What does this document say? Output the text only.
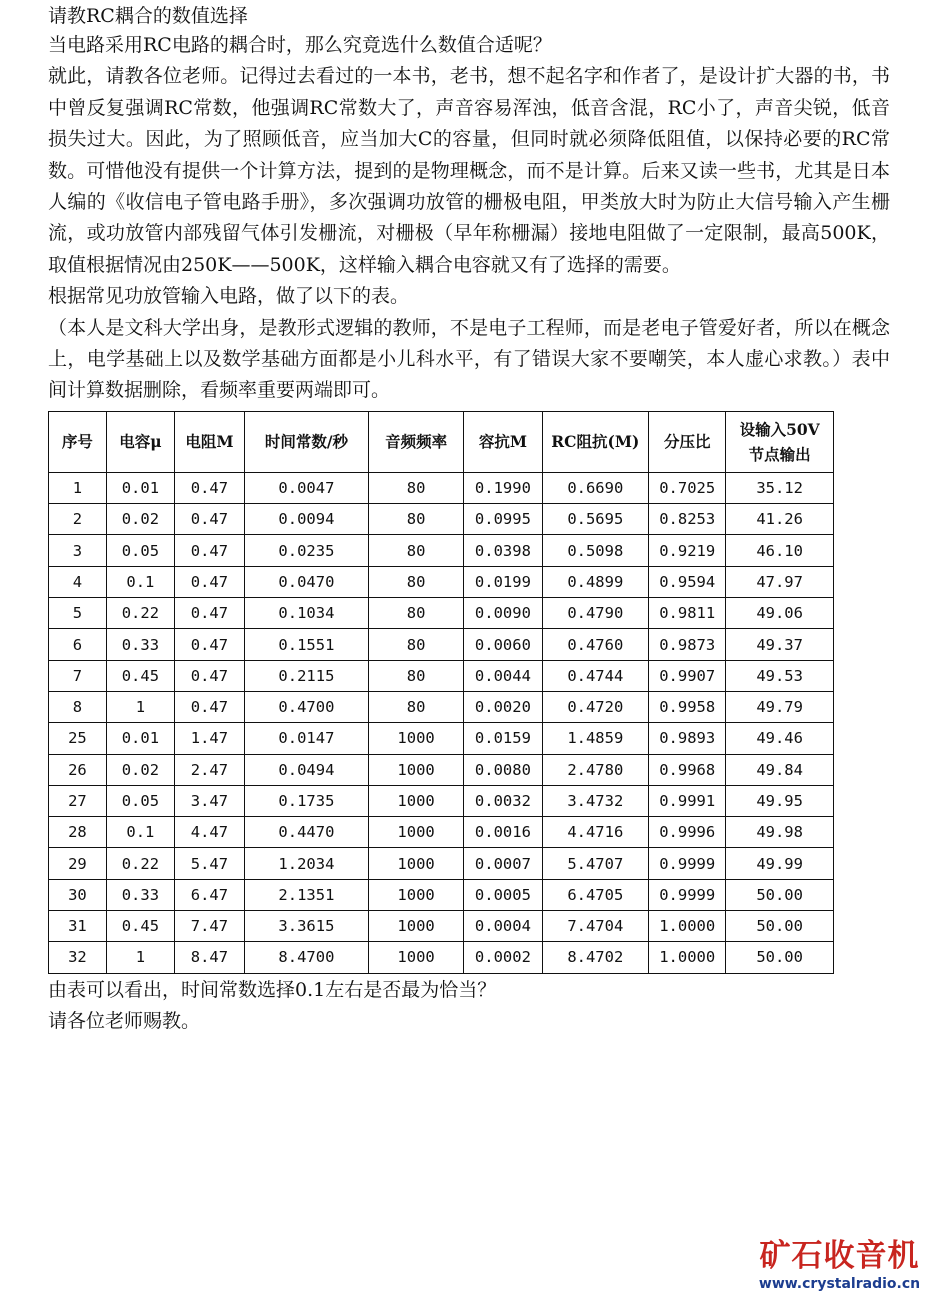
请教RC耦合的数值选择

当电路采用RC电路的耦合时，那么究竟选什么数值合适呢？

就此，请教各位老师。记得过去看过的一本书，老书，想不起名字和作者了，是设计扩大器的书，书中曾反复强调RC常数，他强调RC常数大了，声音容易浑浊，低音含混，RC小了，声音尖锐，低音损失过大。因此，为了照顾低音，应当加大C的容量，但同时就必须降低阻值，以保持必要的RC常数。可惜他没有提供一个计算方法，提到的是物理概念，而不是计算。后来又读一些书，尤其是日本人编的《收信电子管电路手册》，多次强调功放管的栅极电阻，甲类放大时为防止大信号输入产生栅流，或功放管内部残留气体引发栅流，对栅极（早年称栅漏）接地电阻做了一定限制，最高500K，取值根据情况由250K——500K，这样输入耦合电容就又有了选择的需要。

根据常见功放管输入电路，做了以下的表。

（本人是文科大学出身，是教形式逻辑的教师，不是电子工程师，而是老电子管爱好者，所以在概念上，电学基础上以及数学基础方面都是小儿科水平，有了错误大家不要嘲笑，本人虚心求教。）表中间计算数据删除，看频率重要两端即可。

序号	电容μ	电阻M	时间常数/秒	音频频率	容抗M	RC阻抗(M)	分压比	设输入50V
节点输出
1	0.01	0.47	0.0047	80	0.1990	0.6690	0.7025	35.12
2	0.02	0.47	0.0094	80	0.0995	0.5695	0.8253	41.26
3	0.05	0.47	0.0235	80	0.0398	0.5098	0.9219	46.10
4	0.1	0.47	0.0470	80	0.0199	0.4899	0.9594	47.97
5	0.22	0.47	0.1034	80	0.0090	0.4790	0.9811	49.06
6	0.33	0.47	0.1551	80	0.0060	0.4760	0.9873	49.37
7	0.45	0.47	0.2115	80	0.0044	0.4744	0.9907	49.53
8	1	0.47	0.4700	80	0.0020	0.4720	0.9958	49.79
25	0.01	1.47	0.0147	1000	0.0159	1.4859	0.9893	49.46
26	0.02	2.47	0.0494	1000	0.0080	2.4780	0.9968	49.84
27	0.05	3.47	0.1735	1000	0.0032	3.4732	0.9991	49.95
28	0.1	4.47	0.4470	1000	0.0016	4.4716	0.9996	49.98
29	0.22	5.47	1.2034	1000	0.0007	5.4707	0.9999	49.99
30	0.33	6.47	2.1351	1000	0.0005	6.4705	0.9999	50.00
31	0.45	7.47	3.3615	1000	0.0004	7.4704	1.0000	50.00
32	1	8.47	8.4700	1000	0.0002	8.4702	1.0000	50.00

由表可以看出，时间常数选择0.1左右是否最为恰当？

请各位老师赐教。

矿石收音机
www.crystalradio.cn
